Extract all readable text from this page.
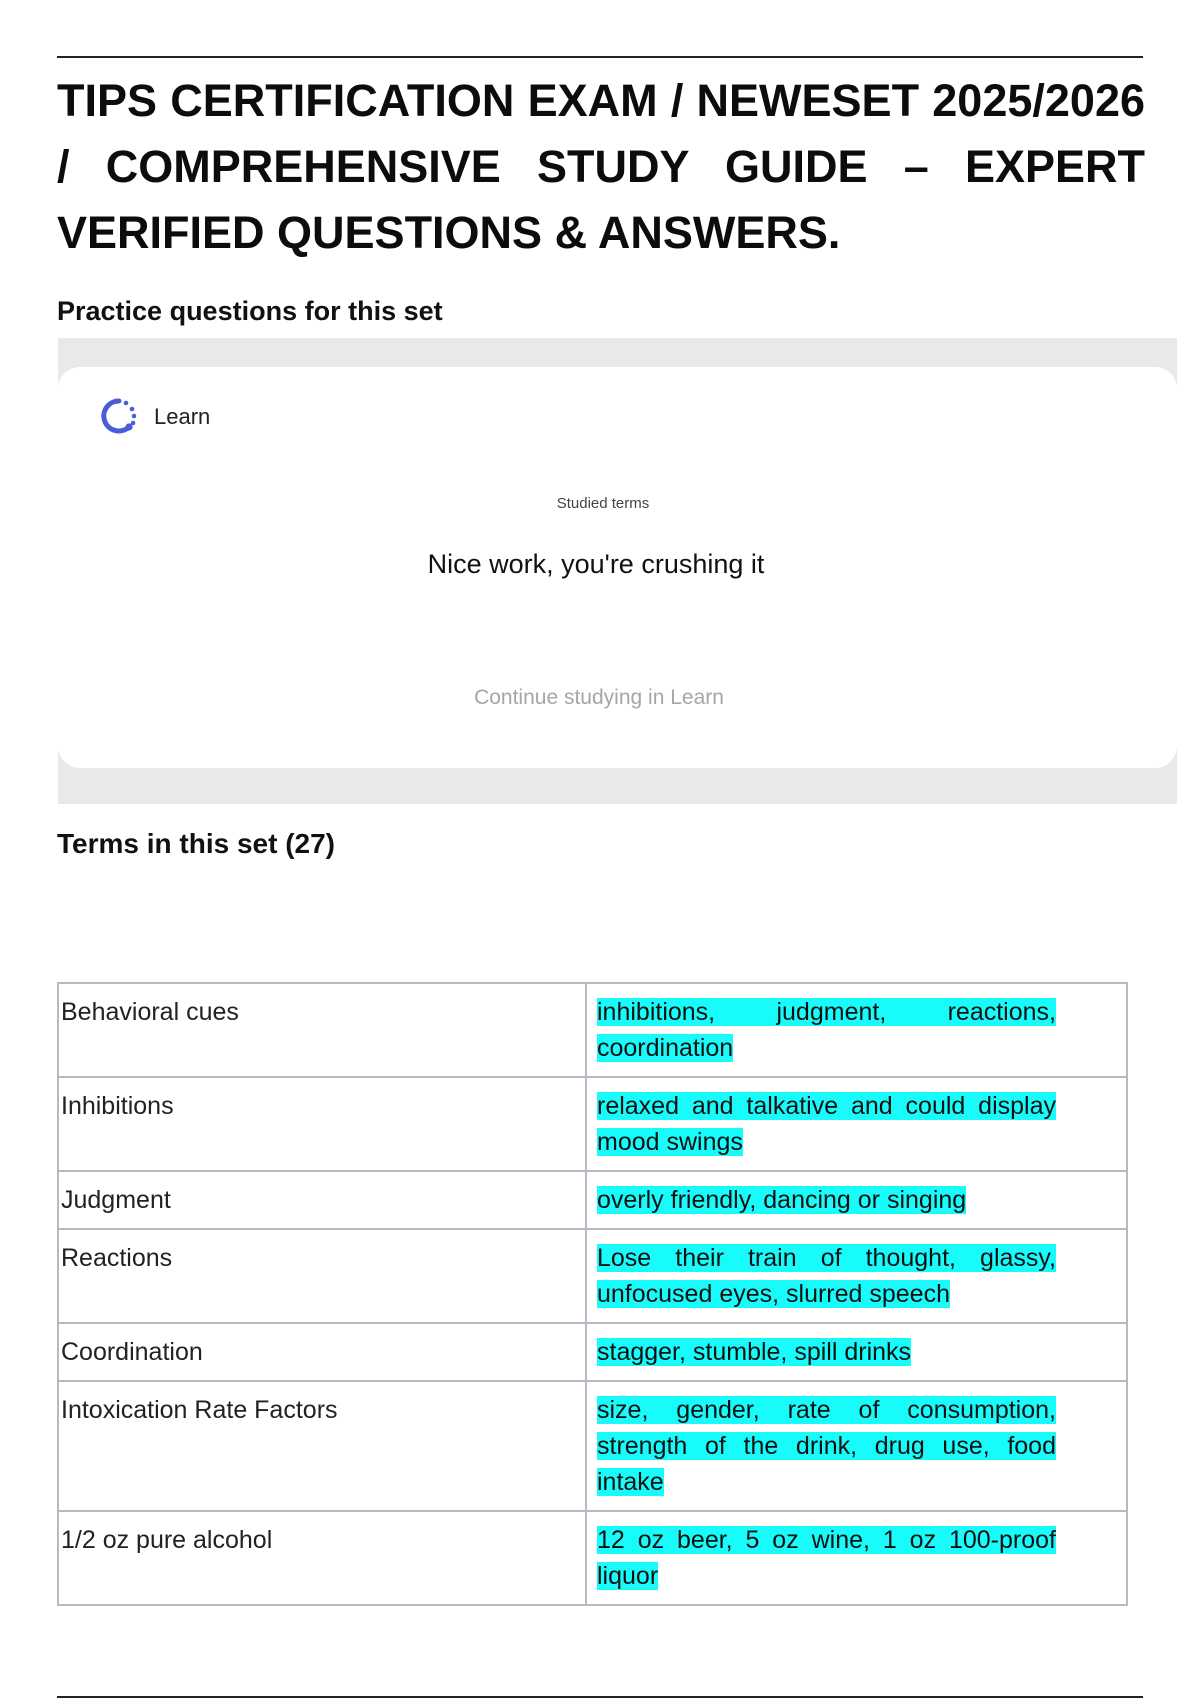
TIPS CERTIFICATION EXAM / NEWESET 2025/2026 / COMPREHENSIVE STUDY GUIDE – EXPERT VERIFIED QUESTIONS & ANSWERS.
Practice questions for this set
Learn
Studied terms
Nice work, you're crushing it
Continue studying in Learn
Terms in this set (27)
Behavioral cues	inhibitions, judgment, reactions, coordination
Inhibitions	relaxed and talkative and could display mood swings
Judgment	overly friendly, dancing or singing
Reactions	Lose their train of thought, glassy, unfocused eyes, slurred speech
Coordination	stagger, stumble, spill drinks
Intoxication Rate Factors	size, gender, rate of consumption, strength of the drink, drug use, food intake
1/2 oz pure alcohol	12 oz beer, 5 oz wine, 1 oz 100-proof liquor
